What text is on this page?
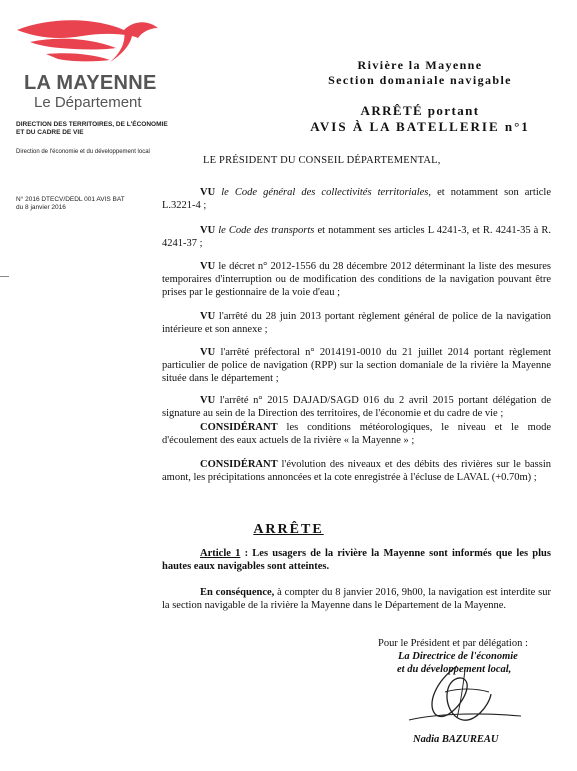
LA MAYENNE
Le Département
DIRECTION DES TERRITOIRES, DE L'ÉCONOMIE ET DU CADRE DE VIE
Direction de l'économie et du développement local
N° 2016 DTECV/DEDL 001 AVIS BAT
du 8 janvier 2016
Rivière la Mayenne
Section domaniale navigable
ARRÊTÉ portant
AVIS À LA BATELLERIE n°1
LE PRÉSIDENT DU CONSEIL DÉPARTEMENTAL,

VU le Code général des collectivités territoriales, et notamment son article L.3221-4 ;

VU le Code des transports et notamment ses articles L 4241-3, et R. 4241-35 à R. 4241-37 ;

VU le décret n° 2012-1556 du 28 décembre 2012 déterminant la liste des mesures temporaires d'interruption ou de modification des conditions de la navigation pouvant être prises par le gestionnaire de la voie d'eau ;

VU l'arrêté du 28 juin 2013 portant règlement général de police de la navigation intérieure et son annexe ;

VU l'arrêté préfectoral n° 2014191-0010 du 21 juillet 2014 portant règlement particulier de police de navigation (RPP) sur la section domaniale de la rivière la Mayenne située dans le département ;

VU l'arrêté n° 2015 DAJAD/SAGD 016 du 2 avril 2015 portant délégation de signature au sein de la Direction des territoires, de l'économie et du cadre de vie ;

CONSIDÉRANT les conditions météorologiques, le niveau et le mode d'écoulement des eaux actuels de la rivière « la Mayenne » ;

CONSIDÉRANT l'évolution des niveaux et des débits des rivières sur le bassin amont, les précipitations annoncées et la cote enregistrée à l'écluse de LAVAL (+0.70m) ;

ARRÊTE

Article 1 : Les usagers de la rivière la Mayenne sont informés que les plus hautes eaux navigables sont atteintes.

En conséquence, à compter du 8 janvier 2016, 9h00, la navigation est interdite sur la section navigable de la rivière la Mayenne dans le Département de la Mayenne.

Pour le Président et par délégation :
La Directrice de l'économie
et du développement local,
Nadia BAZUREAU
